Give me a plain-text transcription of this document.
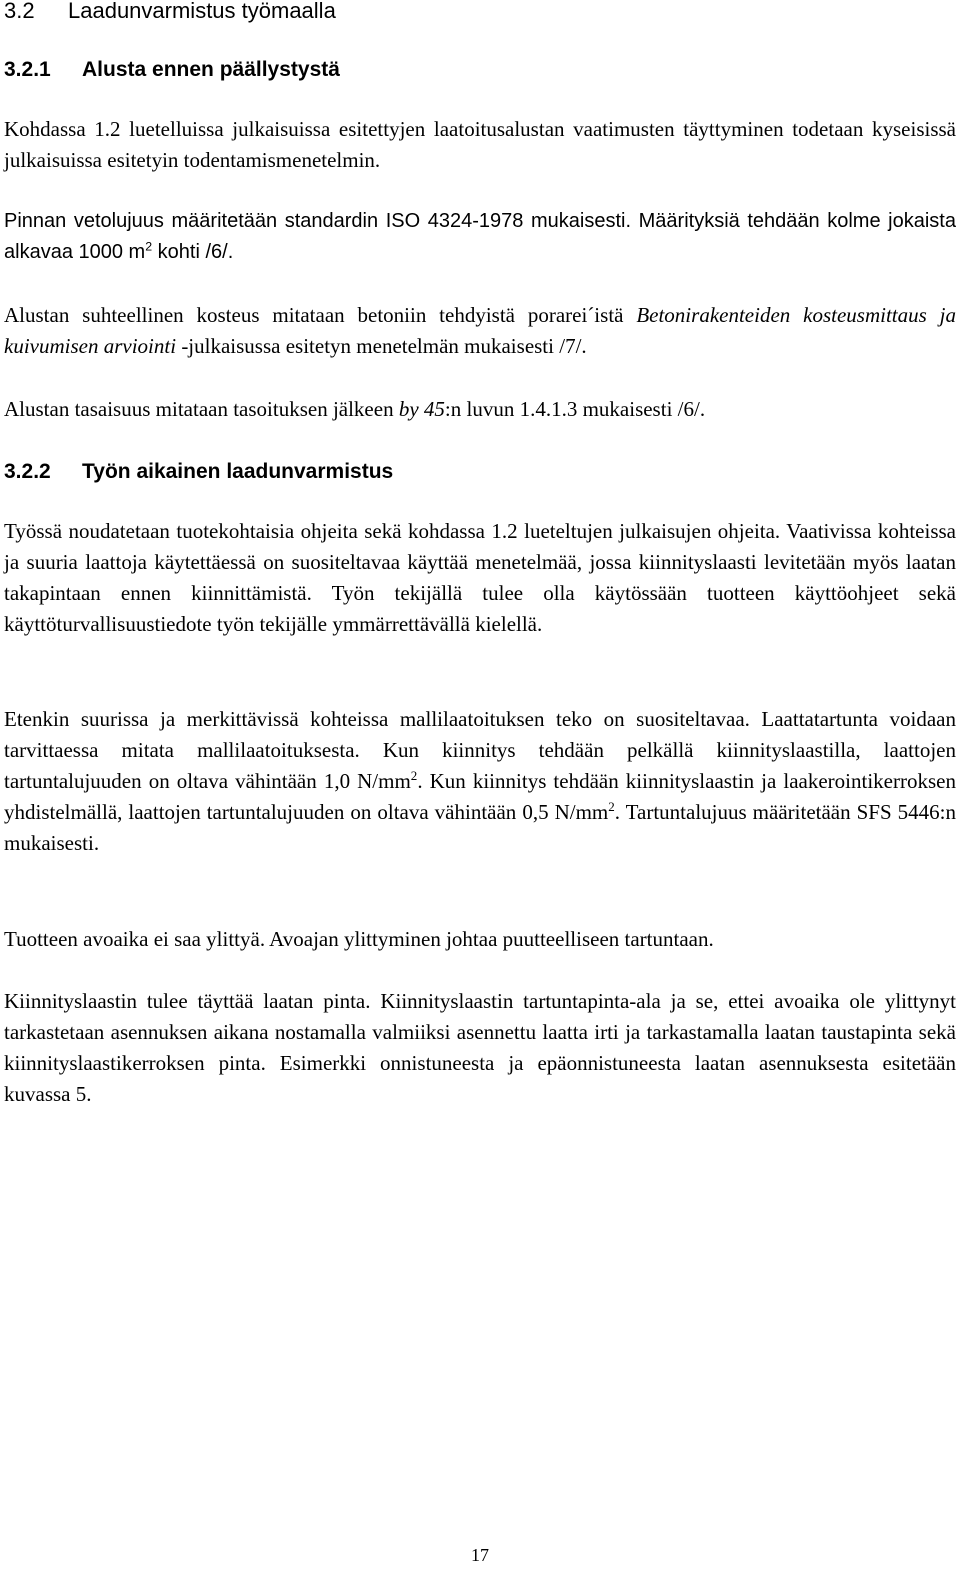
3.2 Laadunvarmistus työmaalla
3.2.1 Alusta ennen päällystystä
Kohdassa 1.2 luetelluissa julkaisuissa esitettyjen laatoitusalustan vaatimusten täyttyminen todetaan kyseisissä julkaisuissa esitetyin todentamismenetelmin.
Pinnan vetolujuus määritetään standardin ISO 4324-1978 mukaisesti. Määrityksiä tehdään kolme jokaista alkavaa 1000 $m^2$ kohti /6/.
Alustan suhteellinen kosteus mitataan betoniin tehdyistä porarei´istä Betonirakenteiden kosteusmittaus ja kuivumisen arviointi -julkaisussa esitetyn menetelmän mukaisesti /7/.
Alustan tasaisuus mitataan tasoituksen jälkeen by 45:n luvun 1.4.1.3 mukaisesti /6/.
3.2.2 Työn aikainen laadunvarmistus
Työssä noudatetaan tuotekohtaisia ohjeita sekä kohdassa 1.2 lueteltujen julkaisujen ohjeita. Vaativissa kohteissa ja suuria laattoja käytettäessä on suositeltavaa käyttää menetelmää, jossa kiinnityslaasti levitetään myös laatan takapintaan ennen kiinnittämistä. Työn tekijällä tulee olla käytössään tuotteen käyttöohjeet sekä käyttöturvallisuustiedote työn tekijälle ymmärrettävällä kielellä.
Etenkin suurissa ja merkittävissä kohteissa mallilaatoituksen teko on suositeltavaa. Laattatartunta voidaan tarvittaessa mitata mallilaatoituksesta. Kun kiinnitys tehdään pelkällä kiinnityslaastilla, laattojen tartuntalujuuden on oltava vähintään 1,0 $N/mm^2$. Kun kiinnitys tehdään kiinnityslaastin ja laakerointikerroksen yhdistelmällä, laattojen tartuntalujuuden on oltava vähintään 0,5 $N/mm^2$. Tartuntalujuus määritetään SFS 5446:n mukaisesti.
Tuotteen avoaika ei saa ylittyä. Avoajan ylittyminen johtaa puutteelliseen tartuntaan.
Kiinnityslaastin tulee täyttää laatan pinta. Kiinnityslaastin tartuntapinta-ala ja se, ettei avoaika ole ylittynyt tarkastetaan asennuksen aikana nostamalla valmiiksi asennettu laatta irti ja tarkastamalla laatan taustapinta sekä kiinnityslaastikerroksen pinta. Esimerkki onnistuneesta ja epäonnistuneesta laatan asennuksesta esitetään kuvassa 5.
17
